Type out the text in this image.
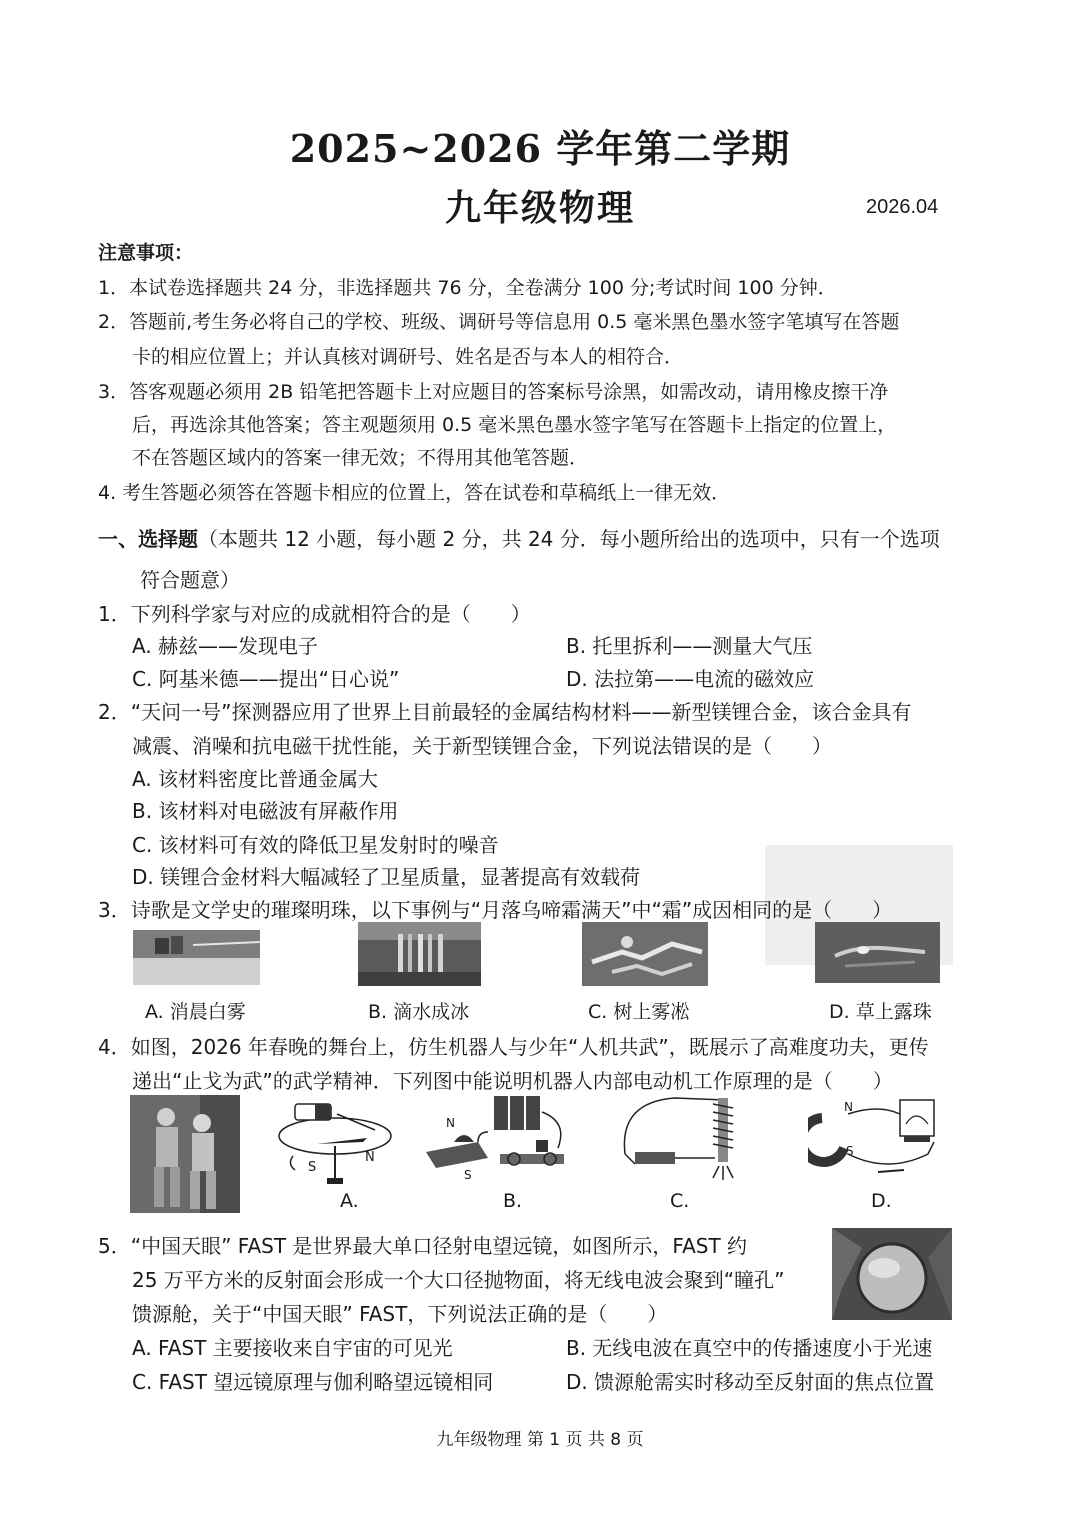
2025~2026 学年第二学期
九年级物理	2026.04
注意事项：
1．本试卷选择题共 24 分，非选择题共 76 分，全卷满分 100 分;考试时间 100 分钟．
2．答题前,考生务必将自己的学校、班级、调研号等信息用 0.5 毫米黑色墨水签字笔填写在答题
卡的相应位置上；并认真核对调研号、姓名是否与本人的相符合．
3．答客观题必须用 2B 铅笔把答题卡上对应题目的答案标号涂黑，如需改动，请用橡皮擦干净
后，再选涂其他答案；答主观题须用 0.5 毫米黑色墨水签字笔写在答题卡上指定的位置上，
不在答题区域内的答案一律无效；不得用其他笔答题．
4. 考生答题必须答在答题卡相应的位置上，答在试卷和草稿纸上一律无效．
一、选择题（本题共 12 小题，每小题 2 分，共 24 分．每小题所给出的选项中，只有一个选项
符合题意）
1．下列科学家与对应的成就相符合的是（　　）
A. 赫兹——发现电子	B. 托里拆利——测量大气压
C. 阿基米德——提出“日心说”	D. 法拉第——电流的磁效应
2．“天问一号”探测器应用了世界上目前最轻的金属结构材料——新型镁锂合金，该合金具有
减震、消噪和抗电磁干扰性能，关于新型镁锂合金，下列说法错误的是（　　）
A. 该材料密度比普通金属大
B. 该材料对电磁波有屏蔽作用
C. 该材料可有效的降低卫星发射时的噪音
D. 镁锂合金材料大幅减轻了卫星质量，显著提高有效载荷
3．诗歌是文学史的璀璨明珠，以下事例与“月落乌啼霜满天”中“霜”成因相同的是（　　）
A. 消晨白雾	B. 滴水成冰	C. 树上雾凇	D. 草上露珠
4．如图，2026 年春晚的舞台上，仿生机器人与少年“人机共武”，既展示了高难度功夫，更传
递出“止戈为武”的武学精神．下列图中能说明机器人内部电动机工作原理的是（　　）
S
N
N
S
N
S
A.	B.	C.	D.
5．“中国天眼” FAST 是世界最大单口径射电望远镜，如图所示，FAST 约
25 万平方米的反射面会形成一个大口径抛物面，将无线电波会聚到“瞳孔”
馈源舱，关于“中国天眼” FAST，下列说法正确的是（　　）
A. FAST 主要接收来自宇宙的可见光	B. 无线电波在真空中的传播速度小于光速
C. FAST 望远镜原理与伽利略望远镜相同	D. 馈源舱需实时移动至反射面的焦点位置
九年级物理 第 1 页 共 8 页
